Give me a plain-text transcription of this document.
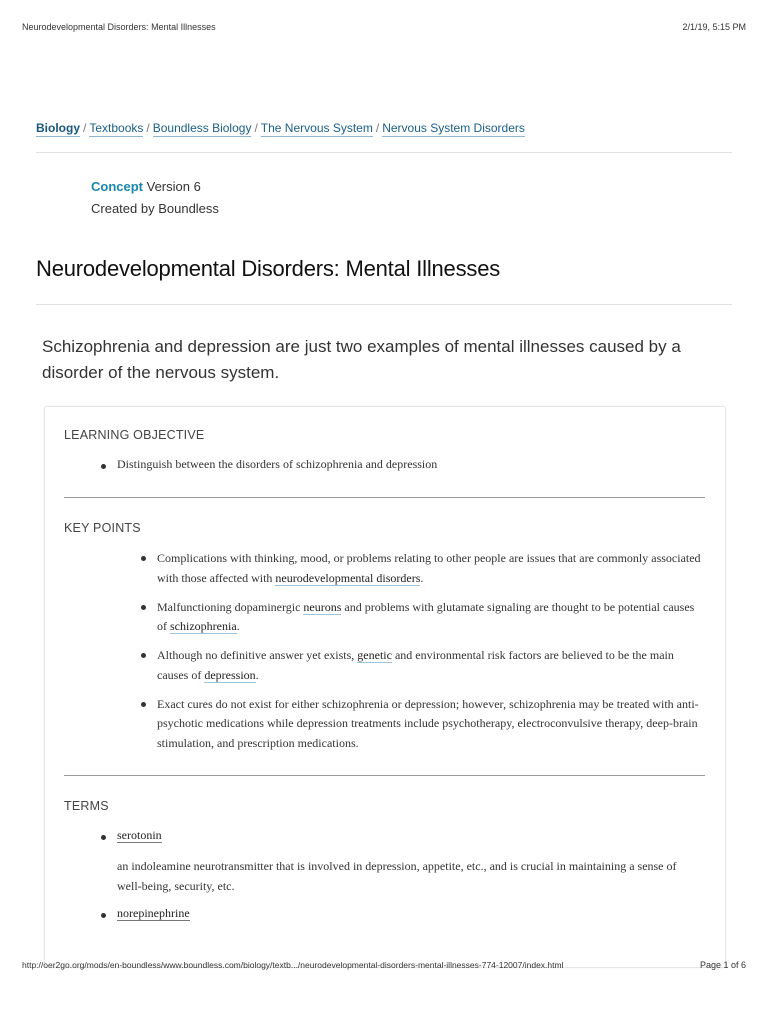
Neurodevelopmental Disorders: Mental Illnesses	2/1/19, 5:15 PM
Biology / Textbooks / Boundless Biology / The Nervous System / Nervous System Disorders
Concept Version 6
Created by Boundless
Neurodevelopmental Disorders: Mental Illnesses

Schizophrenia and depression are just two examples of mental illnesses caused by a disorder of the nervous system.

LEARNING OBJECTIVE
Distinguish between the disorders of schizophrenia and depression
KEY POINTS
Complications with thinking, mood, or problems relating to other people are issues that are commonly associated with those affected with neurodevelopmental disorders.
Malfunctioning dopaminergic neurons and problems with glutamate signaling are thought to be potential causes of schizophrenia.
Although no definitive answer yet exists, genetic and environmental risk factors are believed to be the main causes of depression.
Exact cures do not exist for either schizophrenia or depression; however, schizophrenia may be treated with anti-psychotic medications while depression treatments include psychotherapy, electroconvulsive therapy, deep-brain stimulation, and prescription medications.
TERMS
serotonin
an indoleamine neurotransmitter that is involved in depression, appetite, etc., and is crucial in maintaining a sense of well-being, security, etc.
norepinephrine
http://oer2go.org/mods/en-boundless/www.boundless.com/biology/textb.../neurodevelopmental-disorders-mental-illnesses-774-12007/index.html	Page 1 of 6
